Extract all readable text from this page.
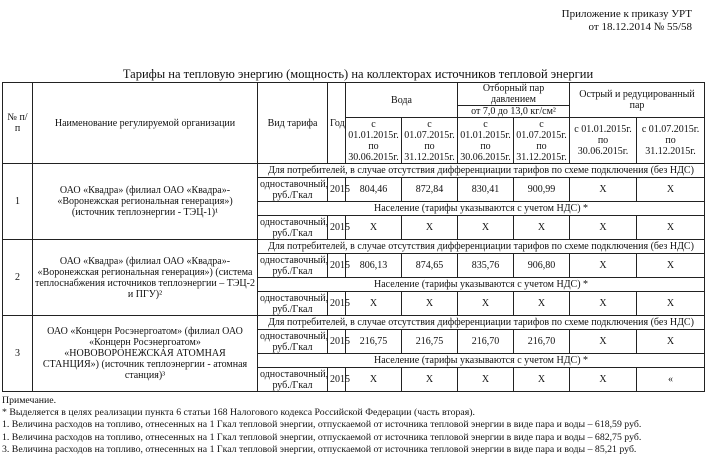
Приложение к приказу УРТ
от 18.12.2014 № 55/58
Тарифы на тепловую энергию (мощность) на коллекторах источников тепловой энергии
№ п/п	Наименование регулируемой организации	Вид тарифа	Год	Вода		Отборный пар давлением		Острый и редуцированный пар	
						от 7,0 до 13,0 кг/см²			
				с 01.01.2015г. по 30.06.2015г.	с 01.07.2015г. по 31.12.2015г.	с 01.01.2015г. по 30.06.2015г.	с 01.07.2015г. по 31.12.2015г.	с 01.01.2015г. по 30.06.2015г.	с 01.07.2015г. по 31.12.2015г.
1	ОАО «Квадра» (филиал ОАО «Квадра»- «Воронежская региональная генерация») (источник теплоэнергии - ТЭЦ-1)¹	Для потребителей, в случае отсутствия дифференциации тарифов по схеме подключения (без НДС)							
		одноставочный, руб./Гкал	2015	804,46	872,84	830,41	900,99	X	X
		Население (тарифы указываются с учетом НДС) *							
		одноставочный, руб./Гкал	2015	X	X	X	X	X	X
2	ОАО «Квадра» (филиал ОАО «Квадра»- «Воронежская региональная генерация») (система теплоснабжения источников теплоэнергии – ТЭЦ-2 и ПГУ)²	Для потребителей, в случае отсутствия дифференциации тарифов по схеме подключения (без НДС)							
		одноставочный, руб./Гкал	2015	806,13	874,65	835,76	906,80	X	X
		Население (тарифы указываются с учетом НДС) *							
		одноставочный, руб./Гкал	2015	X	X	X	X	X	X
3	ОАО «Концерн Росэнергоатом» (филиал ОАО «Концерн Росэнергоатом» «НОВОВОРОНЕЖСКАЯ АТОМНАЯ СТАНЦИЯ») (источник теплоэнергии - атомная станция)³	Для потребителей, в случае отсутствия дифференциации тарифов по схеме подключения (без НДС)							
		одноставочный, руб./Гкал	2015	216,75	216,75	216,70	216,70	X	X
		Население (тарифы указываются с учетом НДС) *							
		одноставочный, руб./Гкал	2015	X	X	X	X	X	«
Примечание.
* Выделяется в целях реализации пункта 6 статьи 168 Налогового кодекса Российской Федерации (часть вторая).
1. Величина расходов на топливо, отнесенных на 1 Гкал тепловой энергии, отпускаемой от источника тепловой энергии в виде пара и воды – 618,59 руб.
1. Величина расходов на топливо, отнесенных на 1 Гкал тепловой энергии, отпускаемой от источника тепловой энергии в виде пара и воды – 682,75 руб.
3. Величина расходов на топливо, отнесенных на 1 Гкал тепловой энергии, отпускаемой от источника тепловой энергии в виде пара и воды – 85,21 руб.
